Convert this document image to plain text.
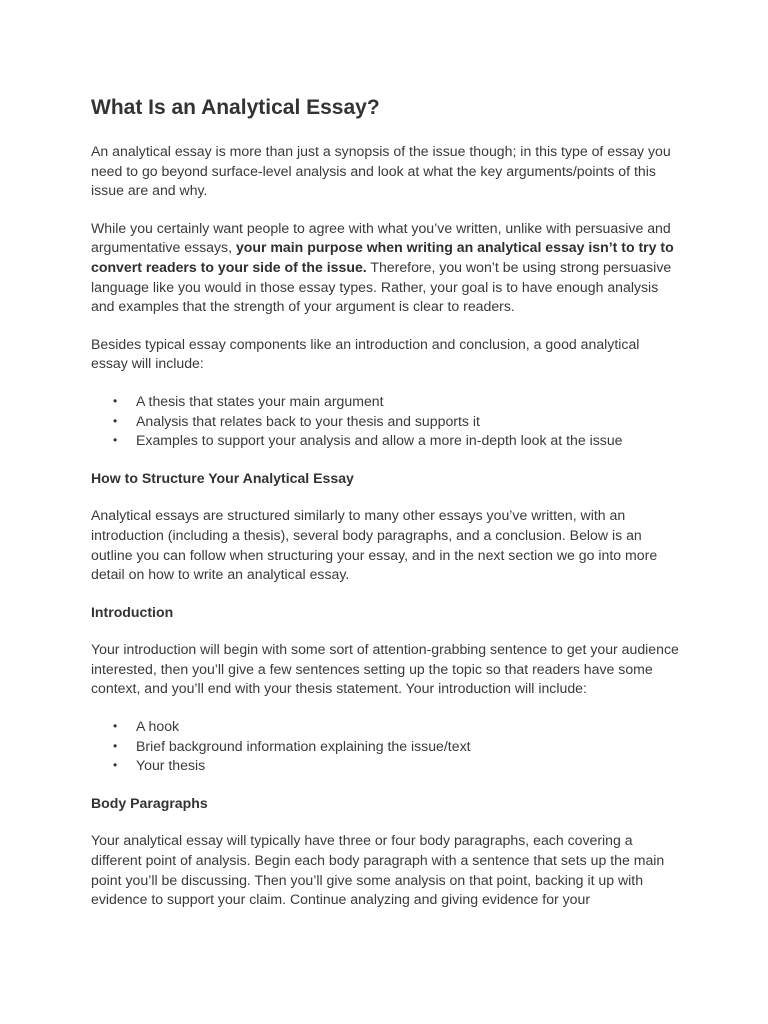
What Is an Analytical Essay?

An analytical essay is more than just a synopsis of the issue though; in this type of essay you need to go beyond surface-level analysis and look at what the key arguments/points of this issue are and why.

While you certainly want people to agree with what you’ve written, unlike with persuasive and argumentative essays, your main purpose when writing an analytical essay isn’t to try to convert readers to your side of the issue. Therefore, you won’t be using strong persuasive language like you would in those essay types. Rather, your goal is to have enough analysis and examples that the strength of your argument is clear to readers.

Besides typical essay components like an introduction and conclusion, a good analytical essay will include:

• A thesis that states your main argument
• Analysis that relates back to your thesis and supports it
• Examples to support your analysis and allow a more in-depth look at the issue
How to Structure Your Analytical Essay

Analytical essays are structured similarly to many other essays you’ve written, with an introduction (including a thesis), several body paragraphs, and a conclusion. Below is an outline you can follow when structuring your essay, and in the next section we go into more detail on how to write an analytical essay.

Introduction

Your introduction will begin with some sort of attention-grabbing sentence to get your audience interested, then you’ll give a few sentences setting up the topic so that readers have some context, and you’ll end with your thesis statement. Your introduction will include:

• A hook
• Brief background information explaining the issue/text
• Your thesis
Body Paragraphs

Your analytical essay will typically have three or four body paragraphs, each covering a different point of analysis. Begin each body paragraph with a sentence that sets up the main point you’ll be discussing. Then you’ll give some analysis on that point, backing it up with evidence to support your claim. Continue analyzing and giving evidence for your
